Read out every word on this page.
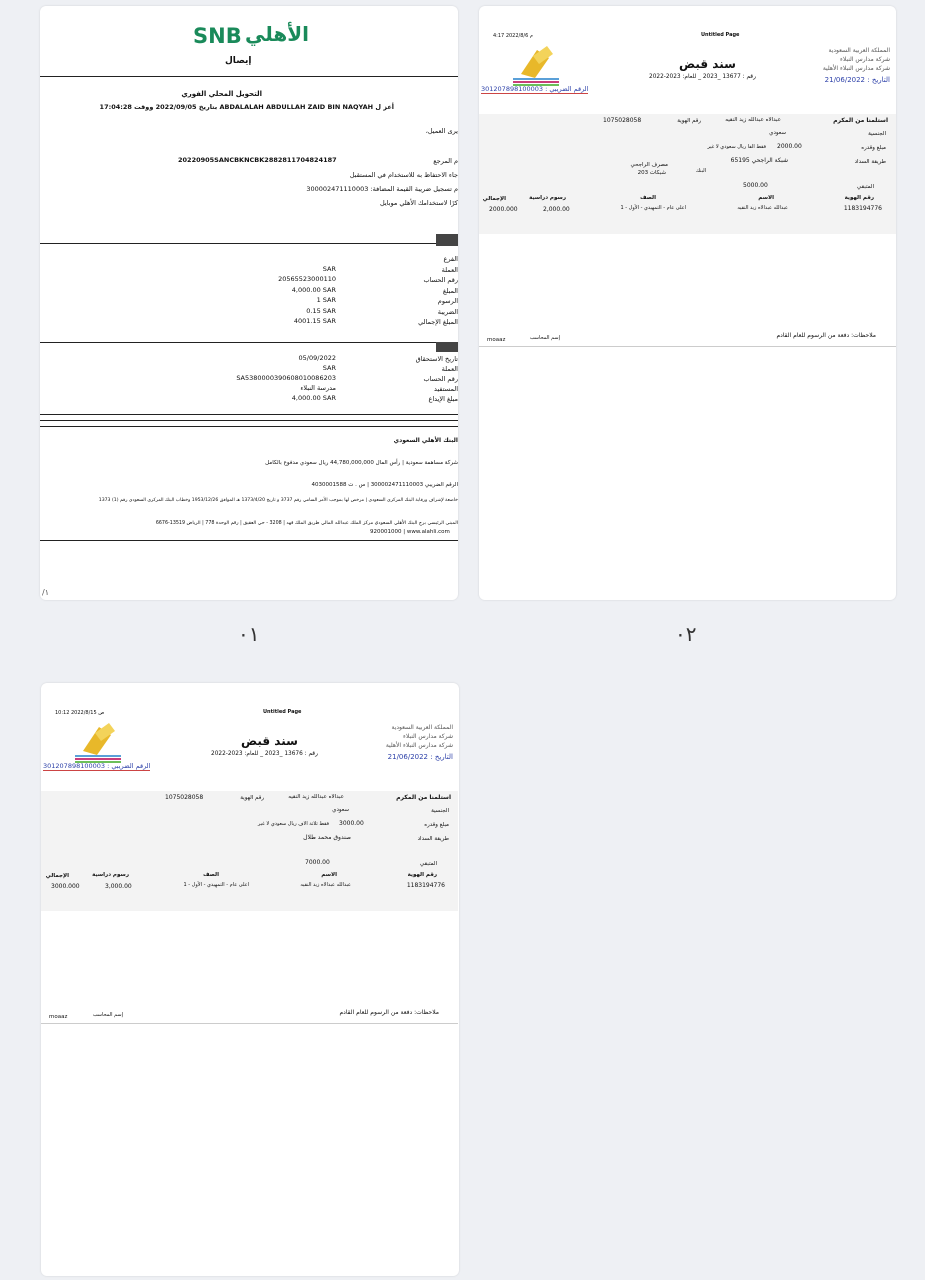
SNB الأهلي
إيصال
التحويل المحلي الفوري
أعز ل ABDALALAH ABDULLAH ZAID BIN NAQYAH بتاريخ 2022/09/05 ووقت 17:04:28
يرى العميل،
م المرجع
20220905SANCBKNCBK2882811704824187
جاء الاحتفاظ به للاستخدام في المستقبل
م تسجيل ضريبة القيمة المضافة: 300002471110003
كرًا لاستخدامك الأهلي موبايل
الفرع
العملة
SAR
رقم الحساب
20565523000110
المبلغ
4,000.00 SAR
الرسوم
1 SAR
الضريبة
0.15 SAR
المبلغ الإجمالي
4001.15 SAR
تاريخ الاستحقاق
05/09/2022
العملة
SAR
رقم الحساب
SA5380000390608010086203
المستفيد
مدرسة النبلاء
مبلغ الإيداع
4,000.00 SAR
البنك الأهلي السعودي
شركة مساهمة سعودية | رأس المال 44,780,000,000 ريال سعودي مدفوع بالكامل
الرقم الضريبي 300002471110003 | س . ت 4030001588
خاضعة لإشراف ورقابة البنك المركزي السعودي | مرخص لها بموجب الأمر السامي رقم 3737 و تاريخ 1373/4/20 هـ الموافق 1953/12/26 وخطاب البنك المركزي السعودي رقم (1) 1373
المبنى الرئيسي برج البنك الأهلي السعودي مركز الملك عبدالله المالي طريق الملك فهد | 3208 - حي العقيق | رقم الوحدة 778 | الرياض 13519-6676
920001000 | www.alahli.com
/١
٠١
4:17 2022/8/6 م	Untitled Page
المملكة العربية السعودية
شركة مدارس النبلاء
شركة مدارس النبلاء الأهلية
التاريخ : 21/06/2022
الرقم الضريبي : 301207898100003
سند قبض
رقم : 13677 _2023 _ للعام: 2023-2022
استلمنا من المكرم
عبدالاه عبدالله زيد النقيه
رقم الهوية
1075028058
الجنسية
سعودي
مبلغ وقدره
2000.00
فقط الفا ريال سعودي لا غير
طريقة السداد
شبكة الراجحي 65195
البنك
مصرف الراجحي
شبكات 203
المتبقي
5000.00
رقم الهوية
الاسم
الصف
رسوم دراسية
الإجمالي
1183194776
عبدالله عبدالاه زيد النقيه
اعلى عام - التمهيدي - الأول - 1
2,000.00
2000.000
ملاحظات: دفعة من الرسوم للعام القادم
إسم المحاسب
moaaz
٠٢
10:12 2022/8/15 ص	Untitled Page
المملكة العربية السعودية
شركة مدارس النبلاء
شركة مدارس النبلاء الأهلية
التاريخ : 21/06/2022
الرقم الضريبي : 301207898100003
سند قبض
رقم : 13676 _2023 _ للعام: 2023-2022
استلمنا من المكرم
عبدالاه عبدالله زيد النقيه
رقم الهوية
1075028058
الجنسية
سعودي
مبلغ وقدره
3000.00
فقط ثلاثة الاف ريال سعودي لا غير
طريقة السداد
صندوق محمد طلال
المتبقي
7000.00
رقم الهوية
الاسم
الصف
رسوم دراسية
الإجمالي
1183194776
عبدالله عبدالاه زيد النقيه
اعلى عام - التمهيدي - الأول - 1
3,000.00
3000.000
ملاحظات: دفعة من الرسوم للعام القادم
إسم المحاسب
moaaz
